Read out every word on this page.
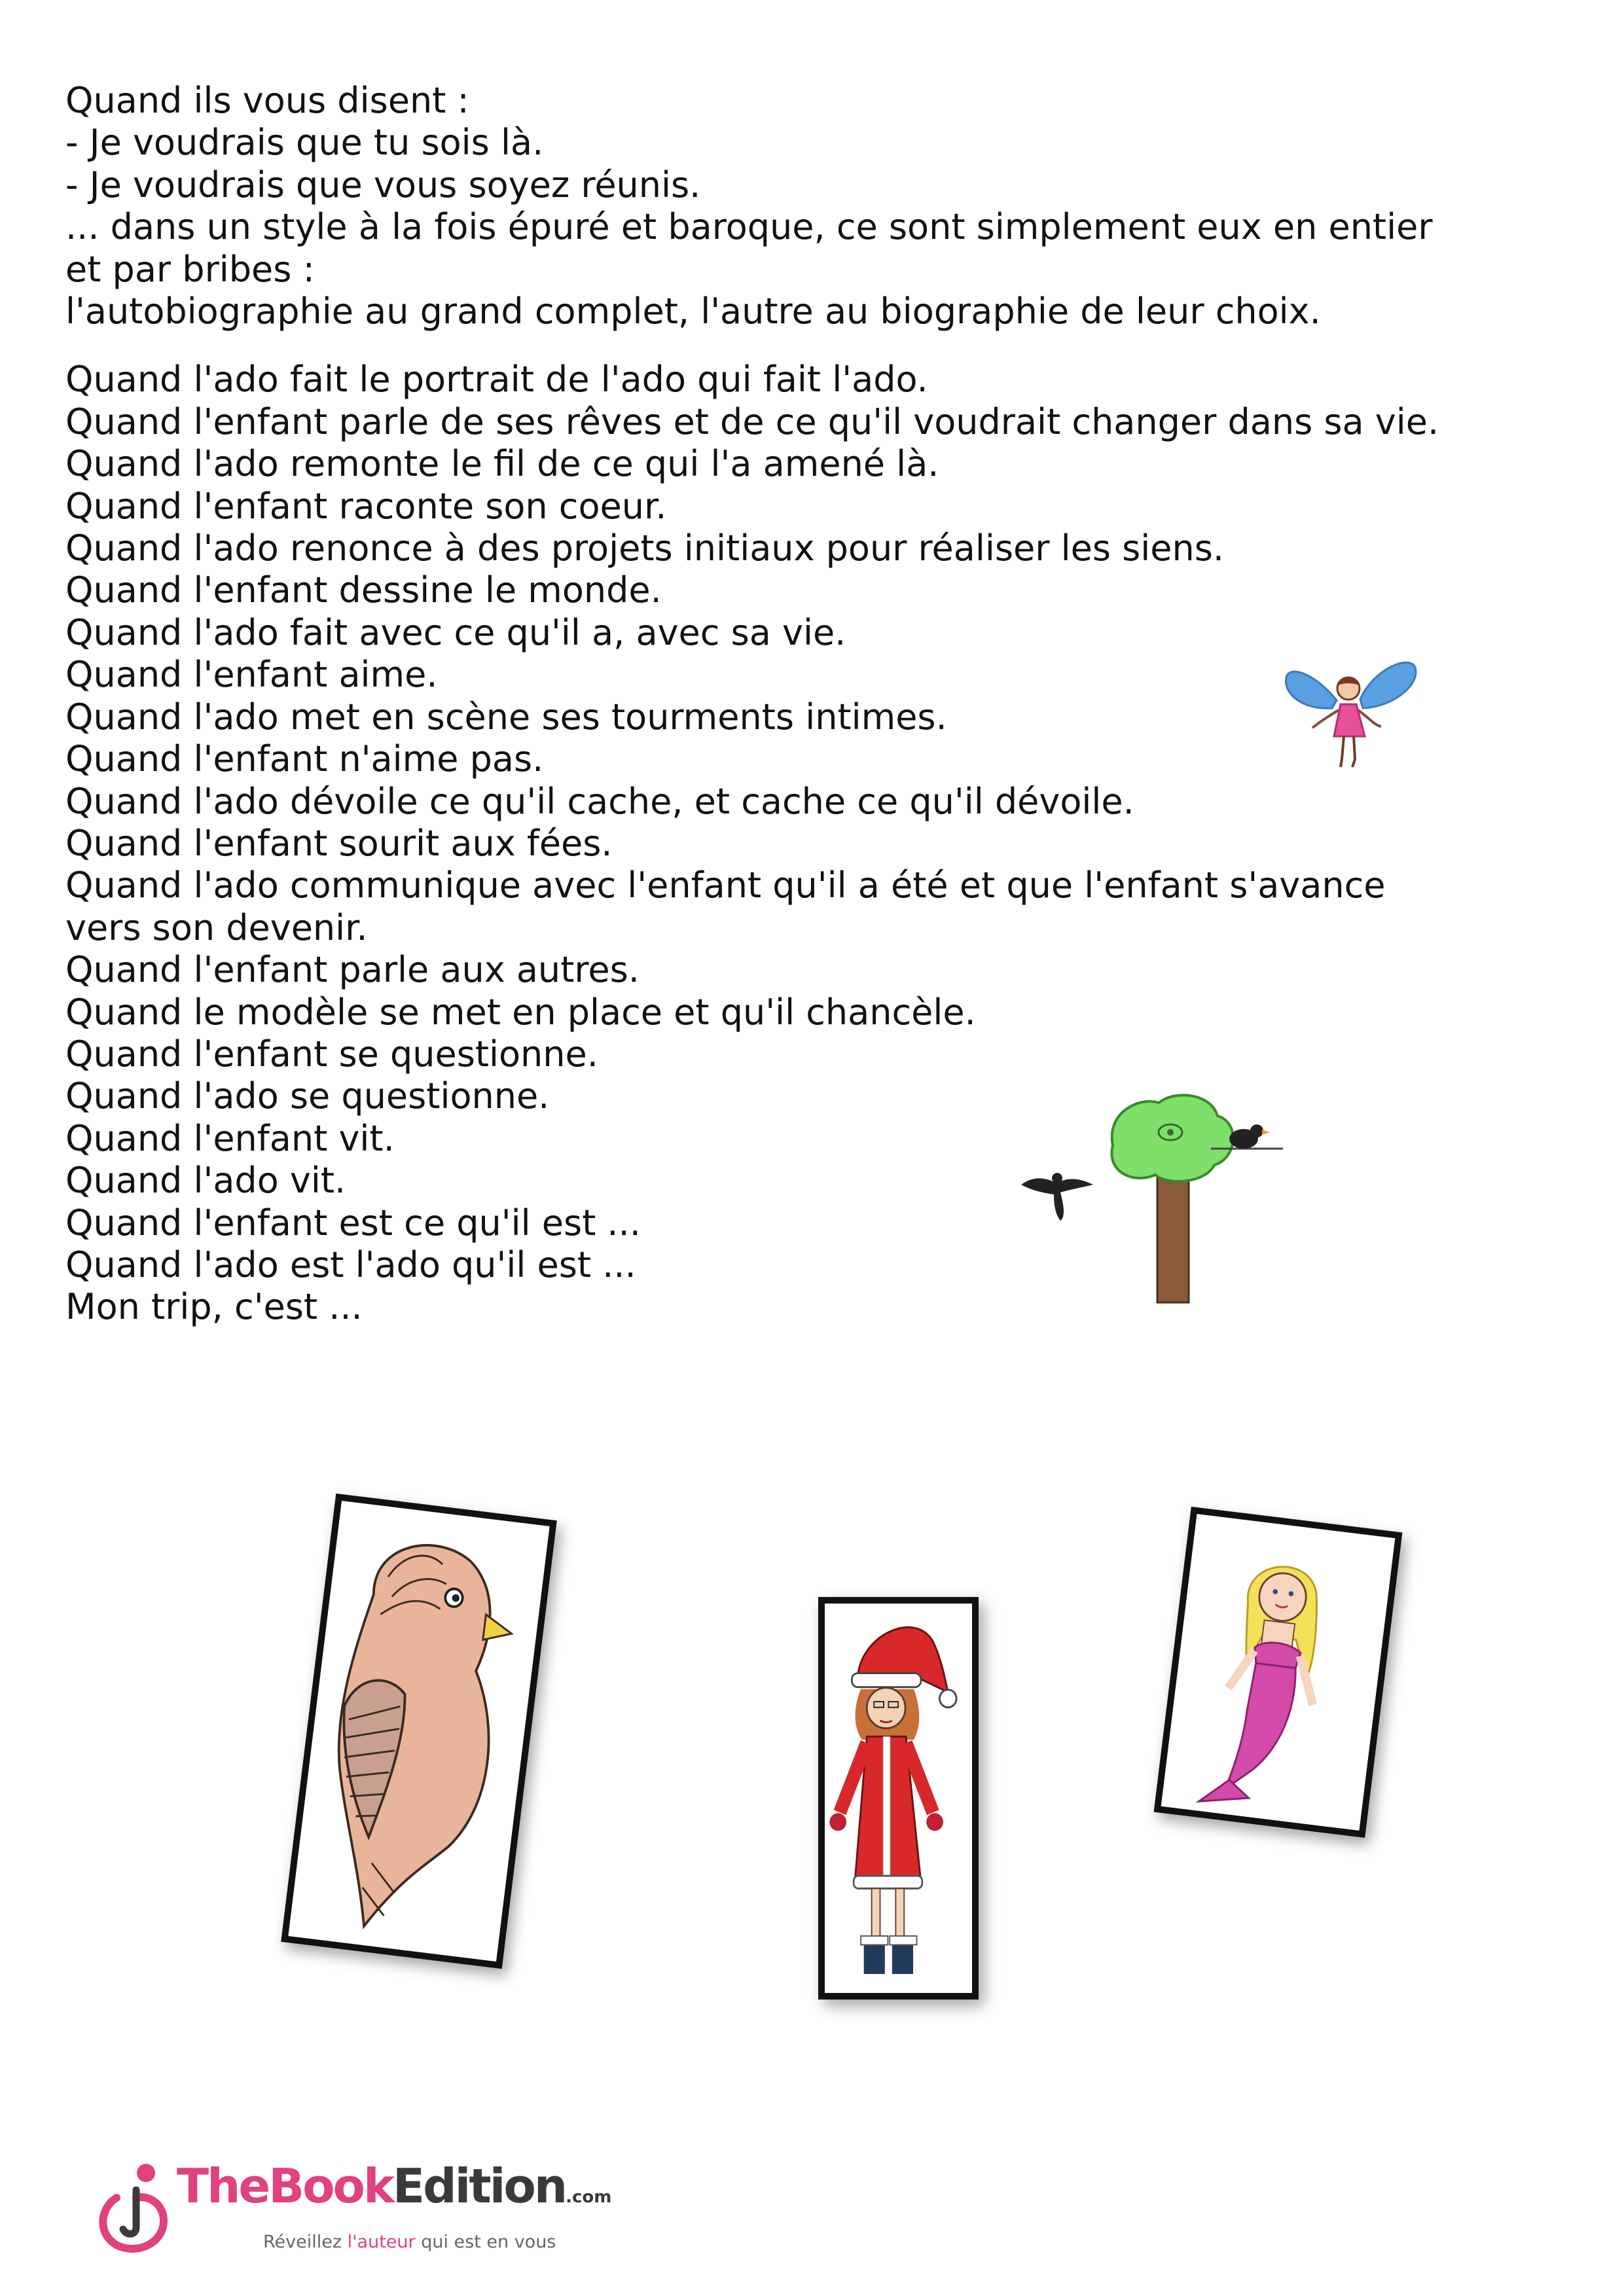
Quand ils vous disent :
- Je voudrais que tu sois là.
- Je voudrais que vous soyez réunis.
... dans un style à la fois épuré et baroque, ce sont simplement eux en entier
et par bribes :
l'autobiographie au grand complet, l'autre au biographie de leur choix.
Quand l'ado fait le portrait de l'ado qui fait l'ado.
Quand l'enfant parle de ses rêves et de ce qu'il voudrait changer dans sa vie.
Quand l'ado remonte le fil de ce qui l'a amené là.
Quand l'enfant raconte son coeur.
Quand l'ado renonce à des projets initiaux pour réaliser les siens.
Quand l'enfant dessine le monde.
Quand l'ado fait avec ce qu'il a, avec sa vie.
Quand l'enfant aime.
Quand l'ado met en scène ses tourments intimes.
Quand l'enfant n'aime pas.
Quand l'ado dévoile ce qu'il cache, et cache ce qu'il dévoile.
Quand l'enfant sourit aux fées.
Quand l'ado communique avec l'enfant qu'il a été et que l'enfant s'avance
vers son devenir.
Quand l'enfant parle aux autres.
Quand le modèle se met en place et qu'il chancèle.
Quand l'enfant se questionne.
Quand l'ado se questionne.
Quand l'enfant vit.
Quand l'ado vit.
Quand l'enfant est ce qu'il est ...
Quand l'ado est l'ado qu'il est ...
Mon trip, c'est ...
TheBookEdition.com
Réveillez l'auteur qui est en vous
